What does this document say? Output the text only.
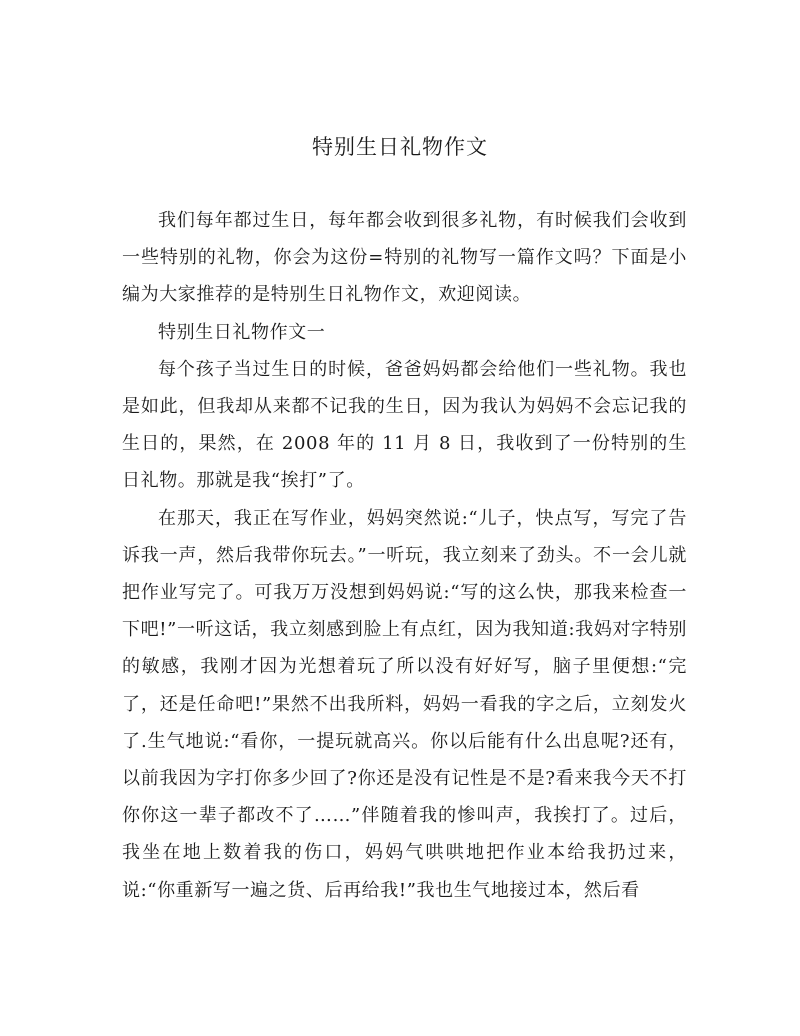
特别生日礼物作文

我们每年都过生日，每年都会收到很多礼物，有时候我们会收到一些特别的礼物，你会为这份=特别的礼物写一篇作文吗？下面是小编为大家推荐的是特别生日礼物作文，欢迎阅读。

特别生日礼物作文一

每个孩子当过生日的时候，爸爸妈妈都会给他们一些礼物。我也是如此，但我却从来都不记我的生日，因为我认为妈妈不会忘记我的生日的，果然，在 2008 年的 11 月 8 日，我收到了一份特别的生日礼物。那就是我“挨打”了。

在那天，我正在写作业，妈妈突然说:“儿子，快点写，写完了告诉我一声，然后我带你玩去。”一听玩，我立刻来了劲头。不一会儿就把作业写完了。可我万万没想到妈妈说:“写的这么快，那我来检查一下吧!”一听这话，我立刻感到脸上有点红，因为我知道:我妈对字特别的敏感，我刚才因为光想着玩了所以没有好好写，脑子里便想:“完了，还是任命吧!”果然不出我所料，妈妈一看我的字之后，立刻发火了.生气地说:“看你，一提玩就高兴。你以后能有什么出息呢?还有，以前我因为字打你多少回了?你还是没有记性是不是?看来我今天不打你你这一辈子都改不了……”伴随着我的惨叫声，我挨打了。过后，我坐在地上数着我的伤口，妈妈气哄哄地把作业本给我扔过来，说:“你重新写一遍之货、后再给我!”我也生气地接过本，然后看
